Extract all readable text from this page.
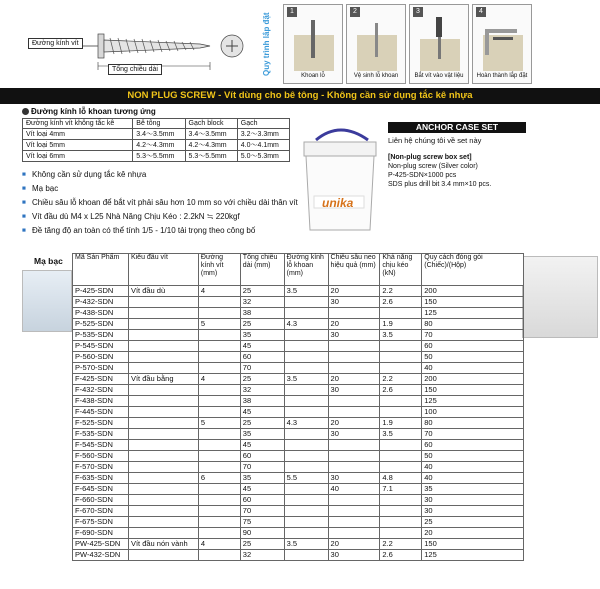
Đường kính vít
Tổng chiều dài	Quy trình lắp đặt
1
Khoan lỗ
2
Vệ sinh lỗ khoan
3
Bắt vít vào vật liệu
4
Hoàn thành lắp đặt
NON PLUG SCREW - Vít dùng cho bê tông - Không cần sử dụng tắc kê nhựa
Đường kính lỗ khoan tương ứng
Đường kính vít không tắc kê	Bê tông	Gạch block	Gạch
Vít loại 4mm	3.4〜3.5mm	3.4〜3.5mm	3.2〜3.3mm
Vít loại 5mm	4.2〜4.3mm	4.2〜4.3mm	4.0〜4.1mm
Vít loại 6mm	5.3〜5.5mm	5.3〜5.5mm	5.0〜5.3mm
■ Không cần sử dụng tắc kê nhựa
■ Mạ bạc
■ Chiều sâu lỗ khoan để bắt vít phải sâu hơn 10 mm so với chiều dài thân vít
■ Vít đầu dù M4 x L25 Nhà Năng Chịu Kéo : 2.2kN ≒ 220kgf
■ Đề tăng độ an toàn có thể tính 1/5 - 1/10 tải trọng theo công bố
unika
ANCHOR CASE SET
Liên hệ chúng tôi về set này
[Non-plug screw box set]
Non-plug screw (Silver color)
P-425-SDN×1000 pcs
SDS plus drill bit 3.4 mm×10 pcs.
Mạ bạc Mã Sản Phẩm	Kiểu đầu vít	Đường kính vít (mm)	Tổng chiều dài (mm)	Đường kính lỗ khoan (mm)	Chiều sâu neo hiệu quả (mm)	Khả năng chịu kéo (kN)	Quy cách đóng gói (Chiếc)/(Hộp)
P-425-SDN	Vít đầu dù	4	25	3.5	20	2.2	200
P-432-SDN			32		30	2.6	150
P-438-SDN			38				125
P-525-SDN		5	25	4.3	20	1.9	80
P-535-SDN			35		30	3.5	70
P-545-SDN			45				60
P-560-SDN			60				50
P-570-SDN			70				40
F-425-SDN	Vít đầu bằng	4	25	3.5	20	2.2	200
F-432-SDN			32		30	2.6	150
F-438-SDN			38				125
F-445-SDN			45				100
F-525-SDN		5	25	4.3	20	1.9	80
F-535-SDN			35		30	3.5	70
F-545-SDN			45				60
F-560-SDN			60				50
F-570-SDN			70				40
F-635-SDN		6	35	5.5	30	4.8	40
F-645-SDN			45		40	7.1	35
F-660-SDN			60				30
F-670-SDN			70				30
F-675-SDN			75				25
F-690-SDN			90				20
PW-425-SDN	Vít đầu nón vành	4	25	3.5	20	2.2	150
PW-432-SDN			32		30	2.6	125
